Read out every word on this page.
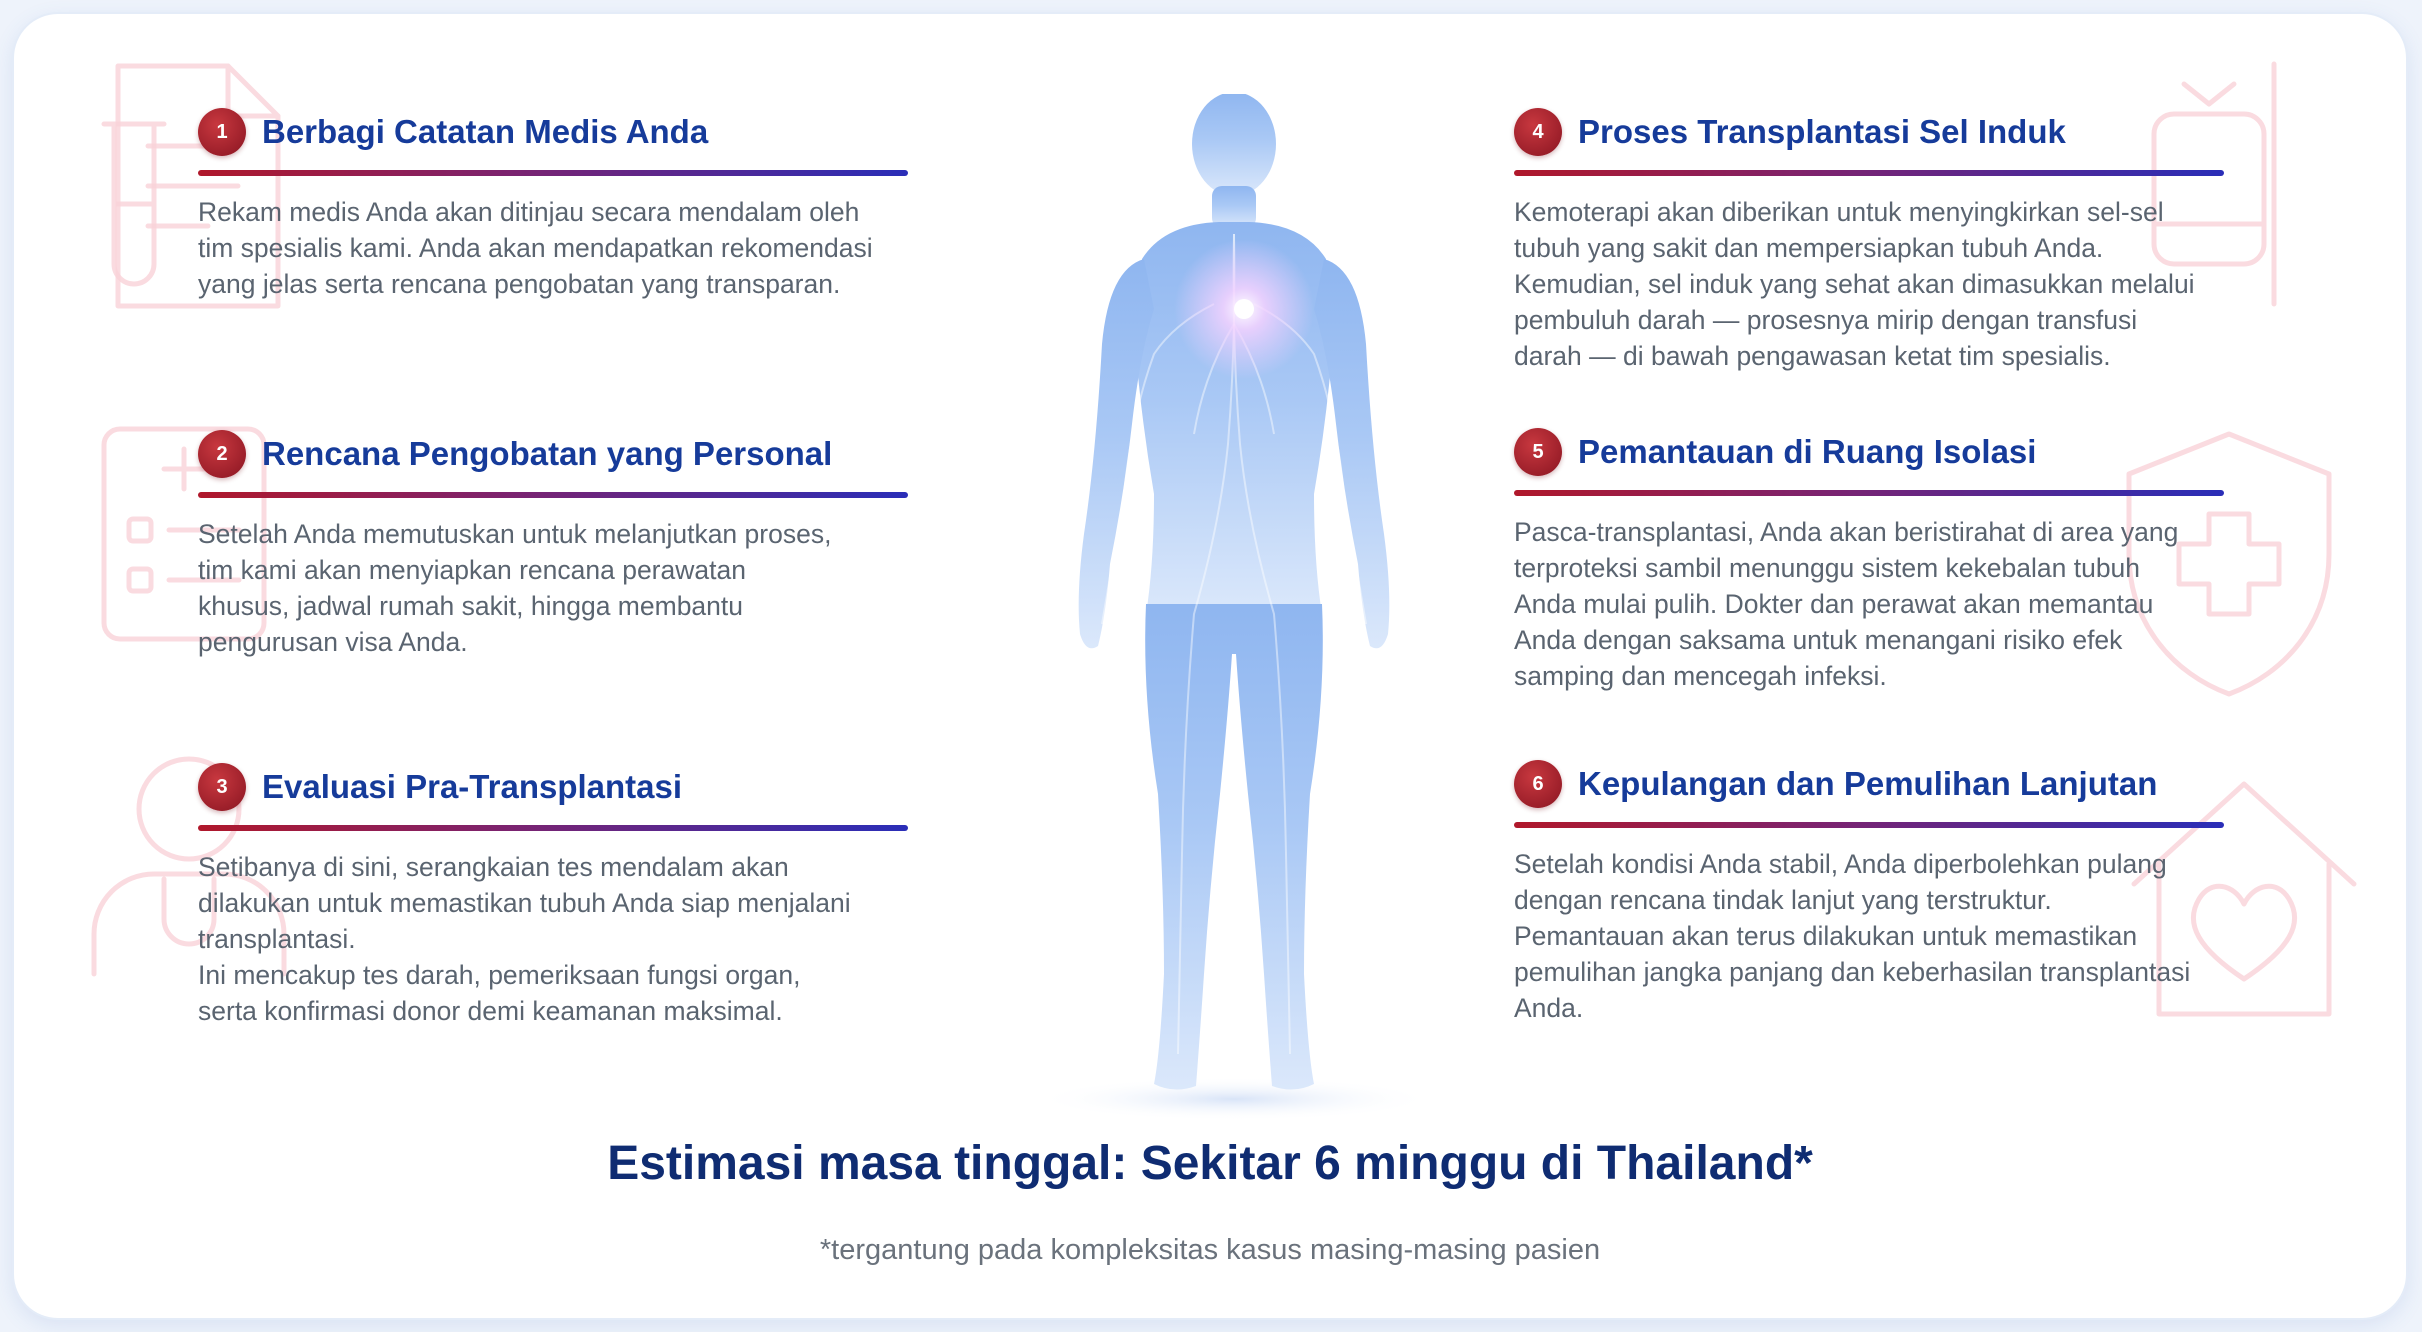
1	Berbagi Catatan Medis Anda
Rekam medis Anda akan ditinjau secara mendalam oleh
tim spesialis kami. Anda akan mendapatkan rekomendasi
yang jelas serta rencana pengobatan yang transparan.
2	Rencana Pengobatan yang Personal
Setelah Anda memutuskan untuk melanjutkan proses,
tim kami akan menyiapkan rencana perawatan
khusus, jadwal rumah sakit, hingga membantu
pengurusan visa Anda.
3	Evaluasi Pra-Transplantasi
Setibanya di sini, serangkaian tes mendalam akan
dilakukan untuk memastikan tubuh Anda siap menjalani
transplantasi.
Ini mencakup tes darah, pemeriksaan fungsi organ,
serta konfirmasi donor demi keamanan maksimal.
4	Proses Transplantasi Sel Induk
Kemoterapi akan diberikan untuk menyingkirkan sel-sel
tubuh yang sakit dan mempersiapkan tubuh Anda.
Kemudian, sel induk yang sehat akan dimasukkan melalui
pembuluh darah — prosesnya mirip dengan transfusi
darah — di bawah pengawasan ketat tim spesialis.
5	Pemantauan di Ruang Isolasi
Pasca-transplantasi, Anda akan beristirahat di area yang
terproteksi sambil menunggu sistem kekebalan tubuh
Anda mulai pulih. Dokter dan perawat akan memantau
Anda dengan saksama untuk menangani risiko efek
samping dan mencegah infeksi.
6	Kepulangan dan Pemulihan Lanjutan
Setelah kondisi Anda stabil, Anda diperbolehkan pulang
dengan rencana tindak lanjut yang terstruktur.
Pemantauan akan terus dilakukan untuk memastikan
pemulihan jangka panjang dan keberhasilan transplantasi
Anda.
Estimasi masa tinggal: Sekitar 6 minggu di Thailand*
*tergantung pada kompleksitas kasus masing-masing pasien
